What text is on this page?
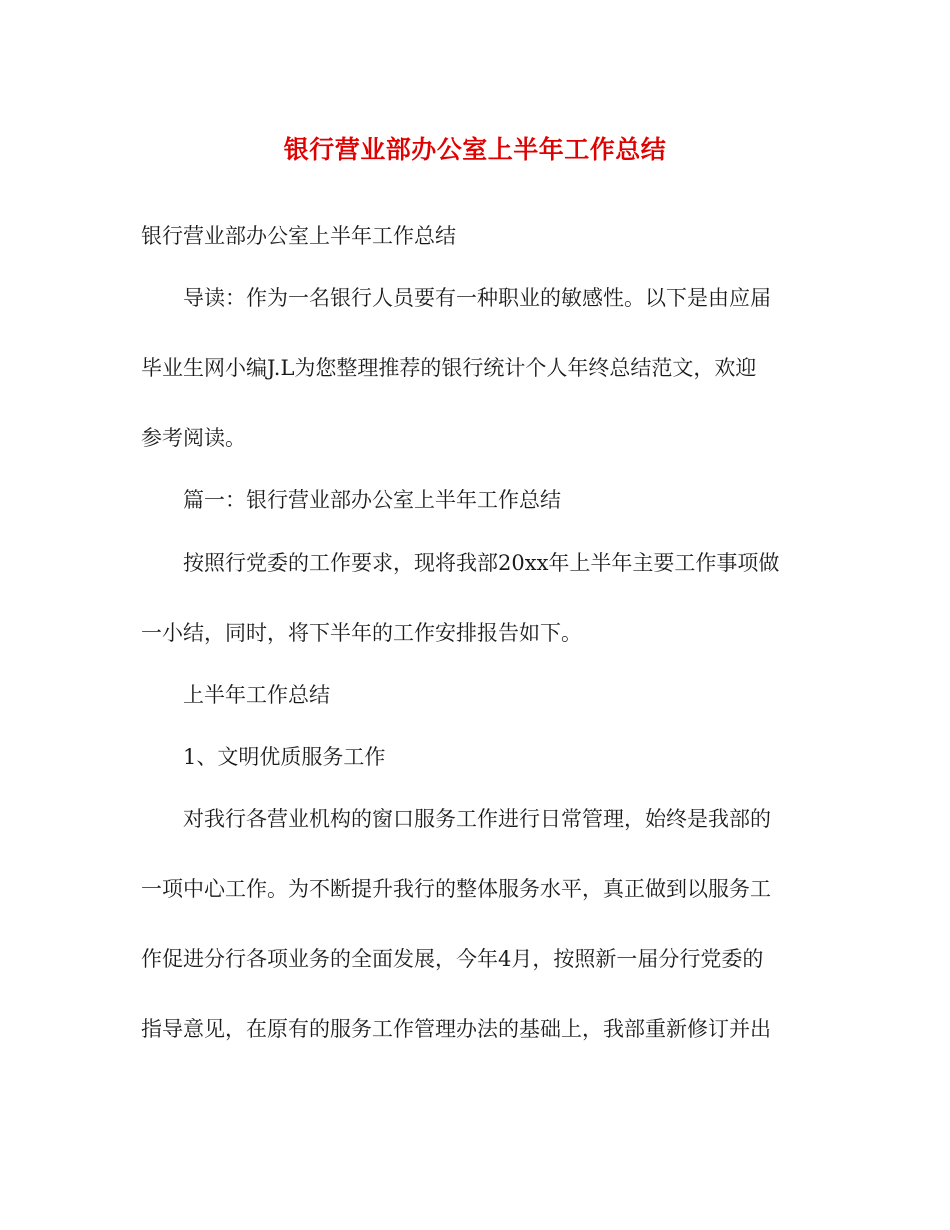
银行营业部办公室上半年工作总结
银行营业部办公室上半年工作总结
导读：作为一名银行人员要有一种职业的敏感性。以下是由应届
毕业生网小编J.L为您整理推荐的银行统计个人年终总结范文，欢迎
参考阅读。
篇一：银行营业部办公室上半年工作总结
按照行党委的工作要求，现将我部20xx年上半年主要工作事项做
一小结，同时，将下半年的工作安排报告如下。
上半年工作总结
1、文明优质服务工作
对我行各营业机构的窗口服务工作进行日常管理，始终是我部的
一项中心工作。为不断提升我行的整体服务水平，真正做到以服务工
作促进分行各项业务的全面发展，今年4月，按照新一届分行党委的
指导意见，在原有的服务工作管理办法的基础上，我部重新修订并出
